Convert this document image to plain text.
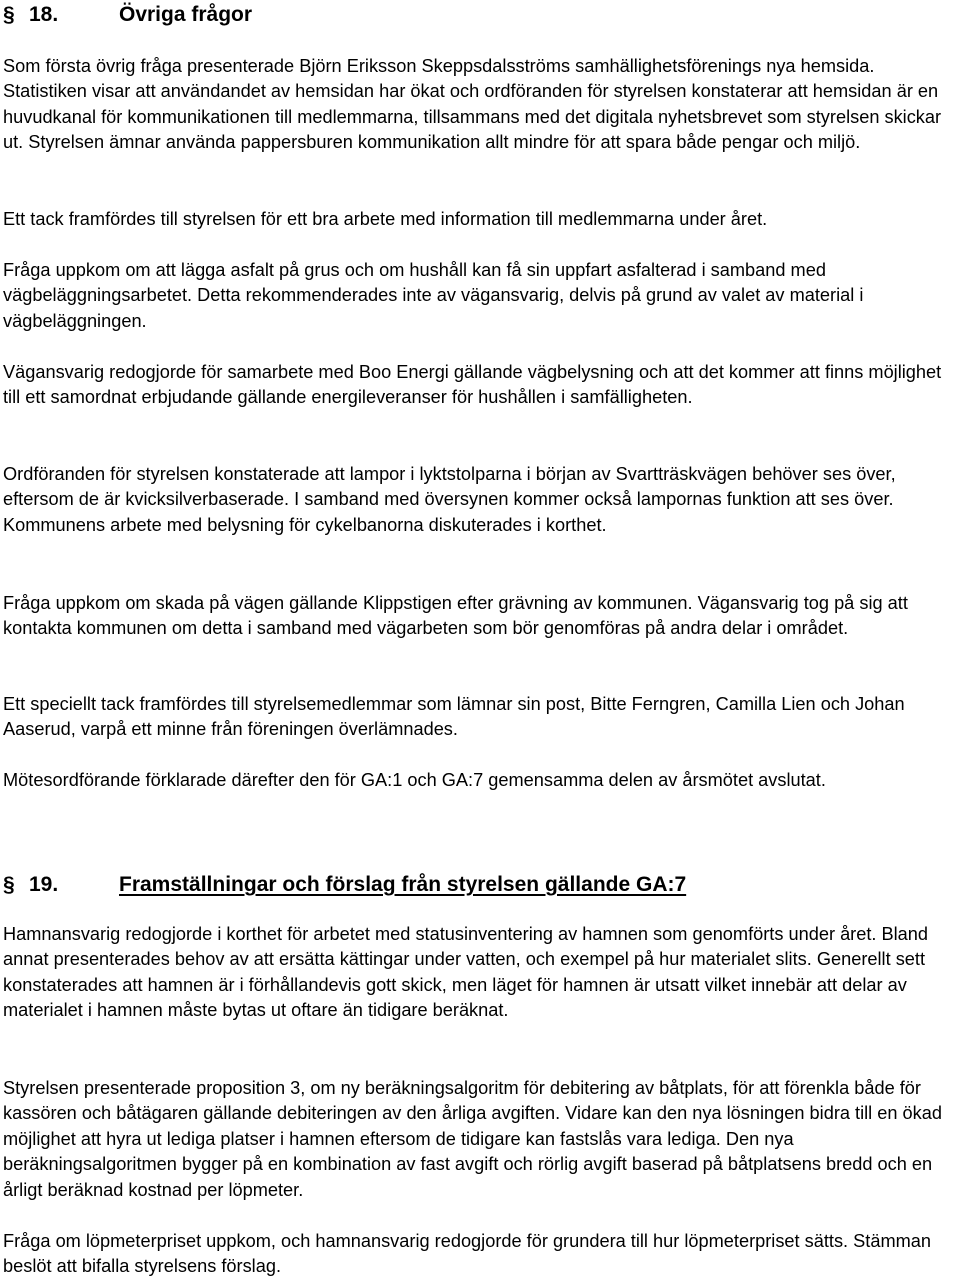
§ 18.	Övriga frågor

Som första övrig fråga presenterade Björn Eriksson Skeppsdalsströms samhällighetsförenings nya hemsida. Statistiken visar att användandet av hemsidan har ökat och ordföranden för styrelsen konstaterar att hemsidan är en huvudkanal för kommunikationen till medlemmarna, tillsammans med det digitala nyhetsbrevet som styrelsen skickar ut. Styrelsen ämnar använda pappersburen kommunikation allt mindre för att spara både pengar och miljö.

Ett tack framfördes till styrelsen för ett bra arbete med information till medlemmarna under året.

Fråga uppkom om att lägga asfalt på grus och om hushåll kan få sin uppfart asfalterad i samband med vägbeläggningsarbetet. Detta rekommenderades inte av vägansvarig, delvis på grund av valet av material i vägbeläggningen.

Vägansvarig redogjorde för samarbete med Boo Energi gällande vägbelysning och att det kommer att finns möjlighet till ett samordnat erbjudande gällande energileveranser för hushållen i samfälligheten.

Ordföranden för styrelsen konstaterade att lampor i lyktstolparna i början av Svartträskvägen behöver ses över, eftersom de är kvicksilverbaserade. I samband med översynen kommer också lampornas funktion att ses över. Kommunens arbete med belysning för cykelbanorna diskuterades i korthet.

Fråga uppkom om skada på vägen gällande Klippstigen efter grävning av kommunen. Vägansvarig tog på sig att kontakta kommunen om detta i samband med vägarbeten som bör genomföras på andra delar i området.

Ett speciellt tack framfördes till styrelsemedlemmar som lämnar sin post, Bitte Ferngren, Camilla Lien och Johan Aaserud, varpå ett minne från föreningen överlämnades.

Mötesordförande förklarade därefter den för GA:1 och GA:7 gemensamma delen av årsmötet avslutat.

§ 19.	Framställningar och förslag från styrelsen gällande GA:7

Hamnansvarig redogjorde i korthet för arbetet med statusinventering av hamnen som genomförts under året. Bland annat presenterades behov av att ersätta kättingar under vatten, och exempel på hur materialet slits. Generellt sett konstaterades att hamnen är i förhållandevis gott skick, men läget för hamnen är utsatt vilket innebär att delar av materialet i hamnen måste bytas ut oftare än tidigare beräknat.

Styrelsen presenterade proposition 3, om ny beräkningsalgoritm för debitering av båtplats, för att förenkla både för kassören och båtägaren gällande debiteringen av den årliga avgiften. Vidare kan den nya lösningen bidra till en ökad möjlighet att hyra ut lediga platser i hamnen eftersom de tidigare kan fastslås vara lediga. Den nya beräkningsalgoritmen bygger på en kombination av fast avgift och rörlig avgift baserad på båtplatsens bredd och en årligt beräknad kostnad per löpmeter.

Fråga om löpmeterpriset uppkom, och hamnansvarig redogjorde för grundera till hur löpmeterpriset sätts. Stämman beslöt att bifalla styrelsens förslag.
